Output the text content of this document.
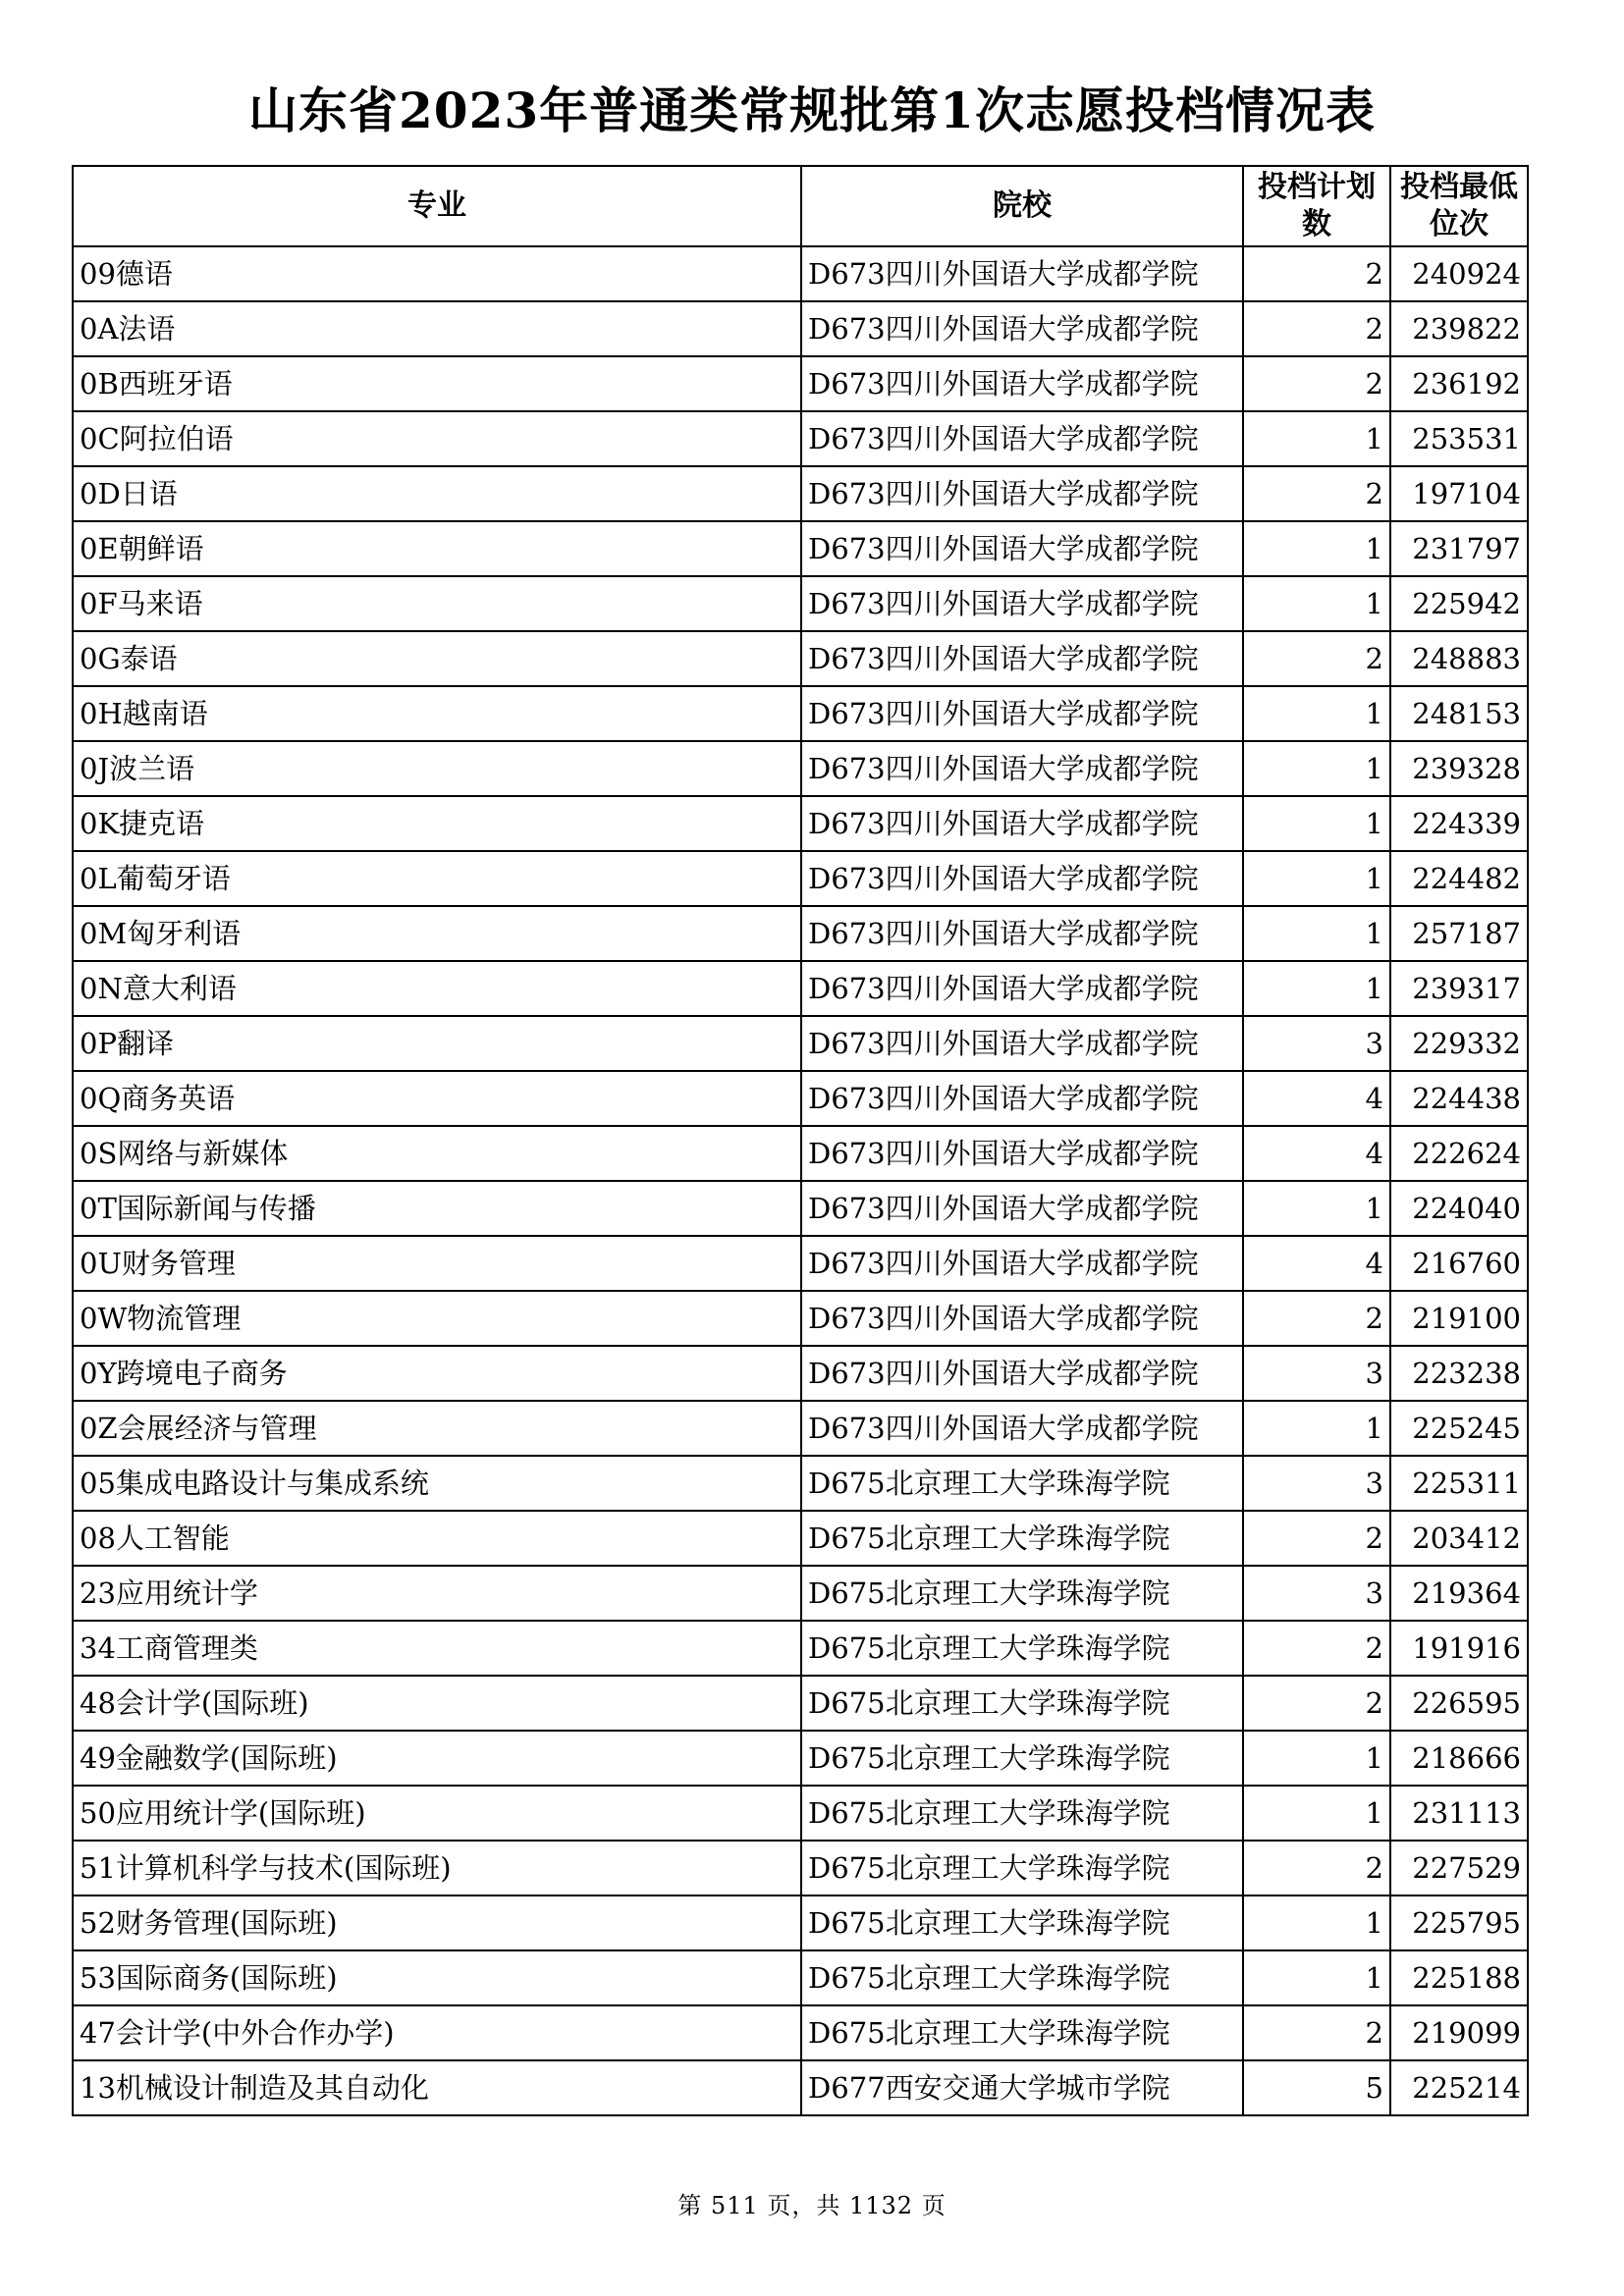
山东省2023年普通类常规批第1次志愿投档情况表
专业	院校	投档计划数	投档最低位次
09德语	D673四川外国语大学成都学院	2	240924
0A法语	D673四川外国语大学成都学院	2	239822
0B西班牙语	D673四川外国语大学成都学院	2	236192
0C阿拉伯语	D673四川外国语大学成都学院	1	253531
0D日语	D673四川外国语大学成都学院	2	197104
0E朝鲜语	D673四川外国语大学成都学院	1	231797
0F马来语	D673四川外国语大学成都学院	1	225942
0G泰语	D673四川外国语大学成都学院	2	248883
0H越南语	D673四川外国语大学成都学院	1	248153
0J波兰语	D673四川外国语大学成都学院	1	239328
0K捷克语	D673四川外国语大学成都学院	1	224339
0L葡萄牙语	D673四川外国语大学成都学院	1	224482
0M匈牙利语	D673四川外国语大学成都学院	1	257187
0N意大利语	D673四川外国语大学成都学院	1	239317
0P翻译	D673四川外国语大学成都学院	3	229332
0Q商务英语	D673四川外国语大学成都学院	4	224438
0S网络与新媒体	D673四川外国语大学成都学院	4	222624
0T国际新闻与传播	D673四川外国语大学成都学院	1	224040
0U财务管理	D673四川外国语大学成都学院	4	216760
0W物流管理	D673四川外国语大学成都学院	2	219100
0Y跨境电子商务	D673四川外国语大学成都学院	3	223238
0Z会展经济与管理	D673四川外国语大学成都学院	1	225245
05集成电路设计与集成系统	D675北京理工大学珠海学院	3	225311
08人工智能	D675北京理工大学珠海学院	2	203412
23应用统计学	D675北京理工大学珠海学院	3	219364
34工商管理类	D675北京理工大学珠海学院	2	191916
48会计学(国际班)	D675北京理工大学珠海学院	2	226595
49金融数学(国际班)	D675北京理工大学珠海学院	1	218666
50应用统计学(国际班)	D675北京理工大学珠海学院	1	231113
51计算机科学与技术(国际班)	D675北京理工大学珠海学院	2	227529
52财务管理(国际班)	D675北京理工大学珠海学院	1	225795
53国际商务(国际班)	D675北京理工大学珠海学院	1	225188
47会计学(中外合作办学)	D675北京理工大学珠海学院	2	219099
13机械设计制造及其自动化	D677西安交通大学城市学院	5	225214
第 511 页，共 1132 页
